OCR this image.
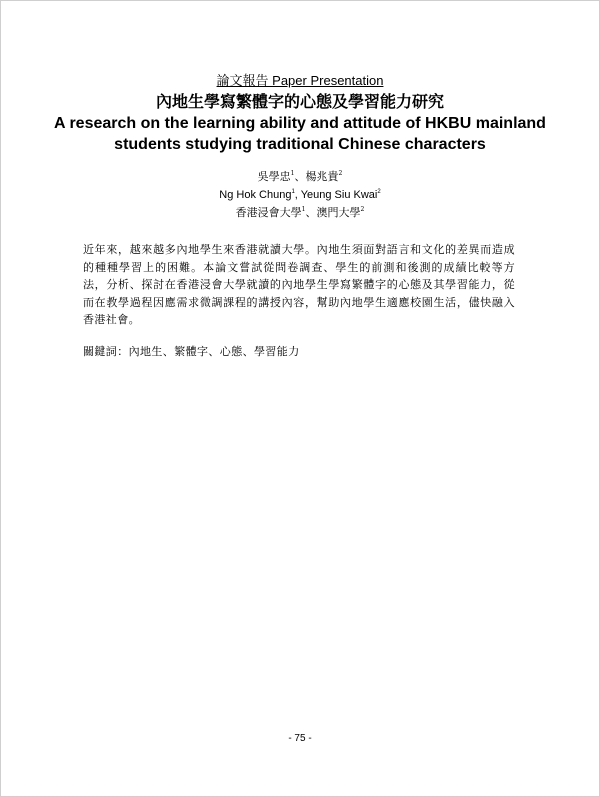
論文報告 Paper Presentation
內地生學寫繁體字的心態及學習能力研究
A research on the learning ability and attitude of HKBU mainland
students studying traditional Chinese characters
吳學忠$^1$、楊兆貴$^2$
Ng Hok Chung$^1$, Yeung Siu Kwai$^2$
香港浸會大學$^1$、澳門大學$^2$
近年來，越來越多內地學生來香港就讀大學。內地生須面對語言和文化的差異而造成的種種學習上的困難。本論文嘗試從問卷調查、學生的前測和後測的成績比較等方法，分析、探討在香港浸會大學就讀的內地學生學寫繁體字的心態及其學習能力，從而在教學過程因應需求微調課程的講授內容，幫助內地學生適應校園生活，儘快融入香港社會。
關鍵詞：內地生、繁體字、心態、學習能力
- 75 -
